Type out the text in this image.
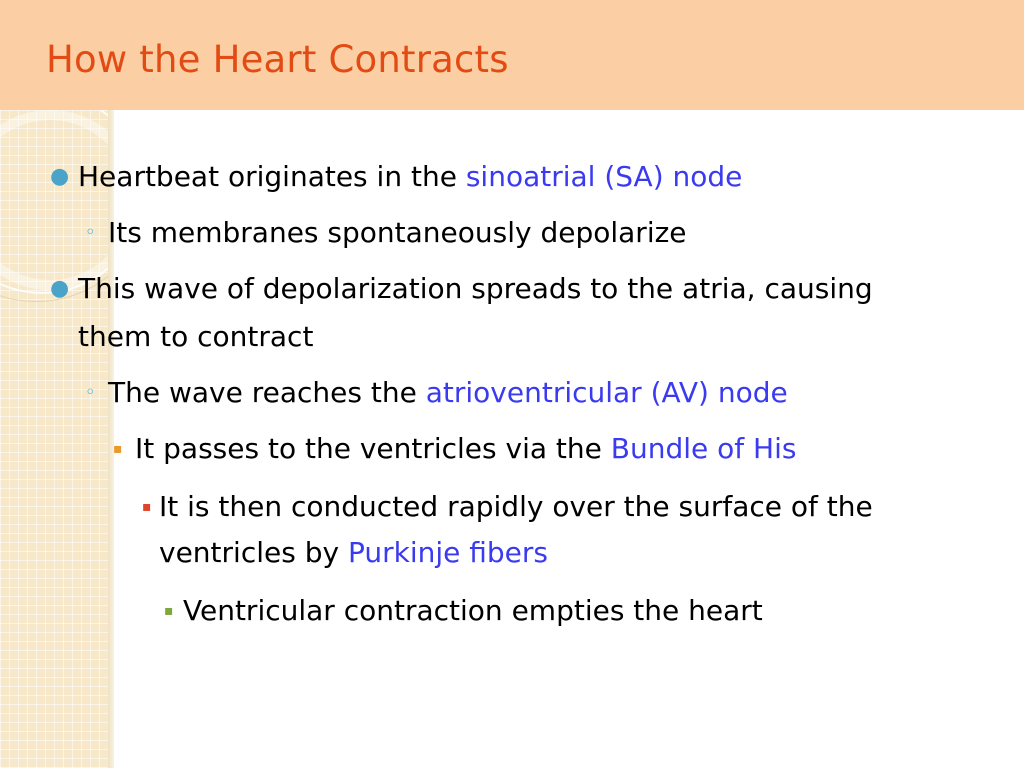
How the Heart Contracts
● Heartbeat originates in the sinoatrial (SA) node
◦ Its membranes spontaneously depolarize
● This wave of depolarization spreads to the atria, causing
them to contract
◦ The wave reaches the atrioventricular (AV) node
▪ It passes to the ventricles via the Bundle of His
▪ It is then conducted rapidly over the surface of the
ventricles by Purkinje fibers
▪ Ventricular contraction empties the heart
